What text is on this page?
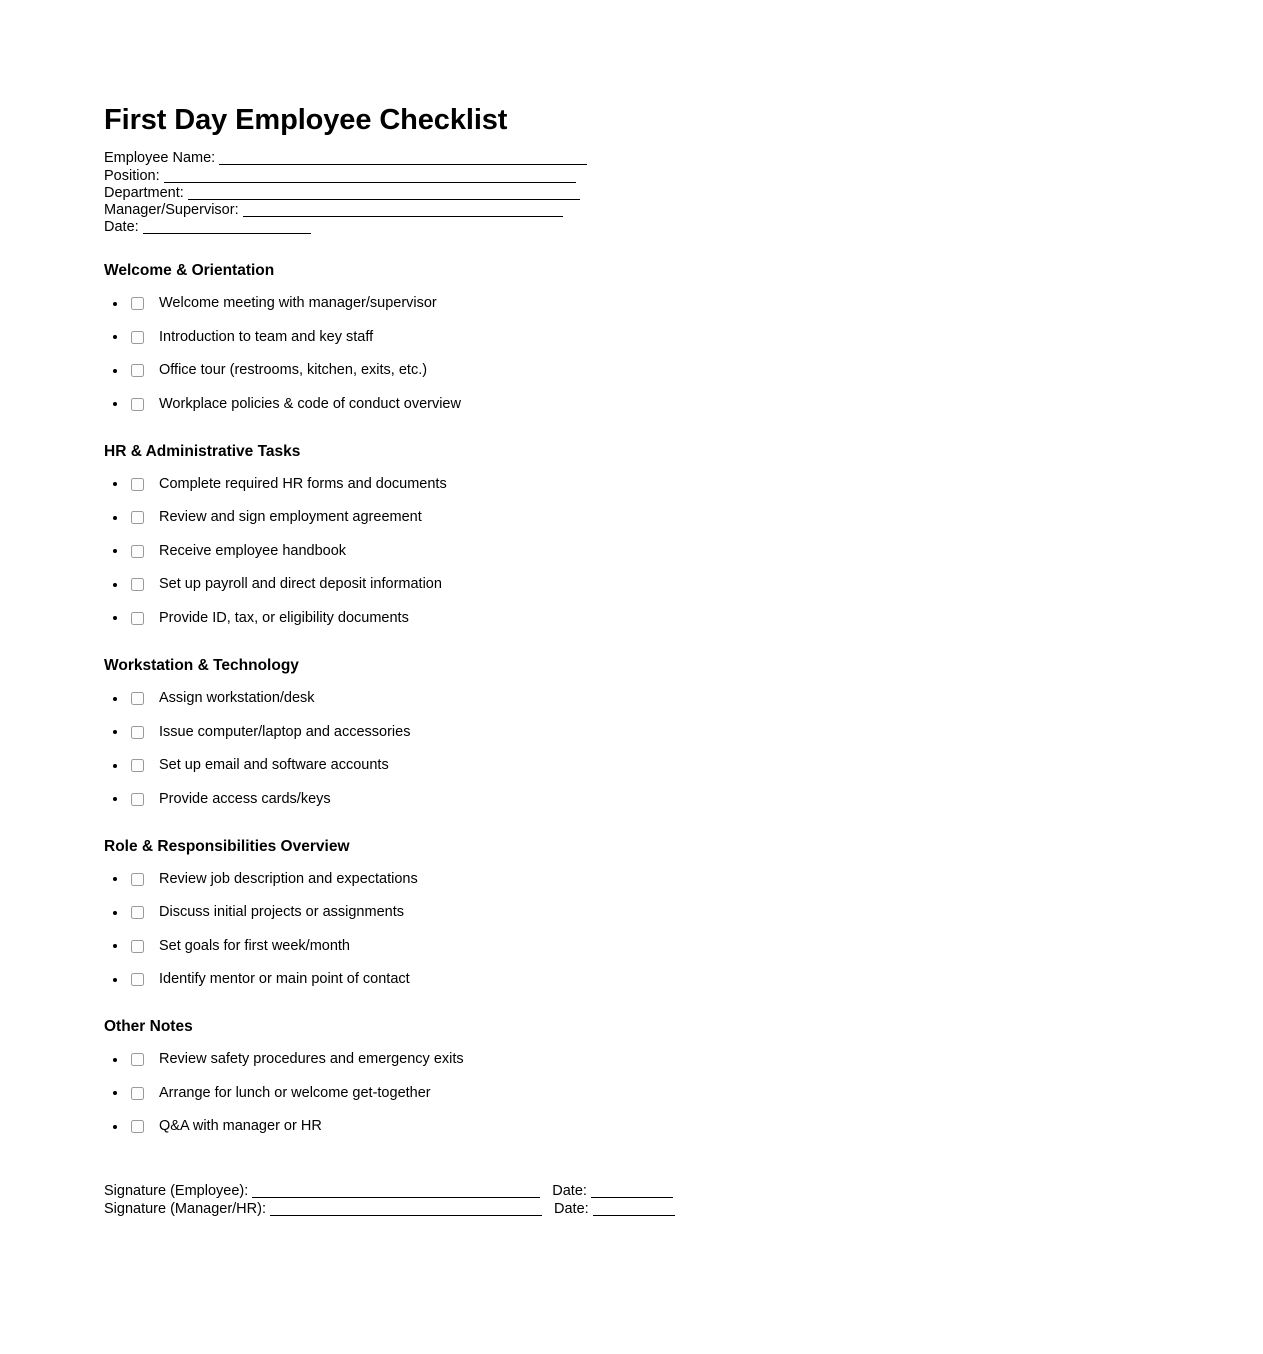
First Day Employee Checklist
Employee Name:
Position:
Department:
Manager/Supervisor:
Date:
Welcome & Orientation
Welcome meeting with manager/supervisor
Introduction to team and key staff
Office tour (restrooms, kitchen, exits, etc.)
Workplace policies & code of conduct overview
HR & Administrative Tasks
Complete required HR forms and documents
Review and sign employment agreement
Receive employee handbook
Set up payroll and direct deposit information
Provide ID, tax, or eligibility documents
Workstation & Technology
Assign workstation/desk
Issue computer/laptop and accessories
Set up email and software accounts
Provide access cards/keys
Role & Responsibilities Overview
Review job description and expectations
Discuss initial projects or assignments
Set goals for first week/month
Identify mentor or main point of contact
Other Notes
Review safety procedures and emergency exits
Arrange for lunch or welcome get-together
Q&A with manager or HR
Signature (Employee):	Date:
Signature (Manager/HR):	Date:
